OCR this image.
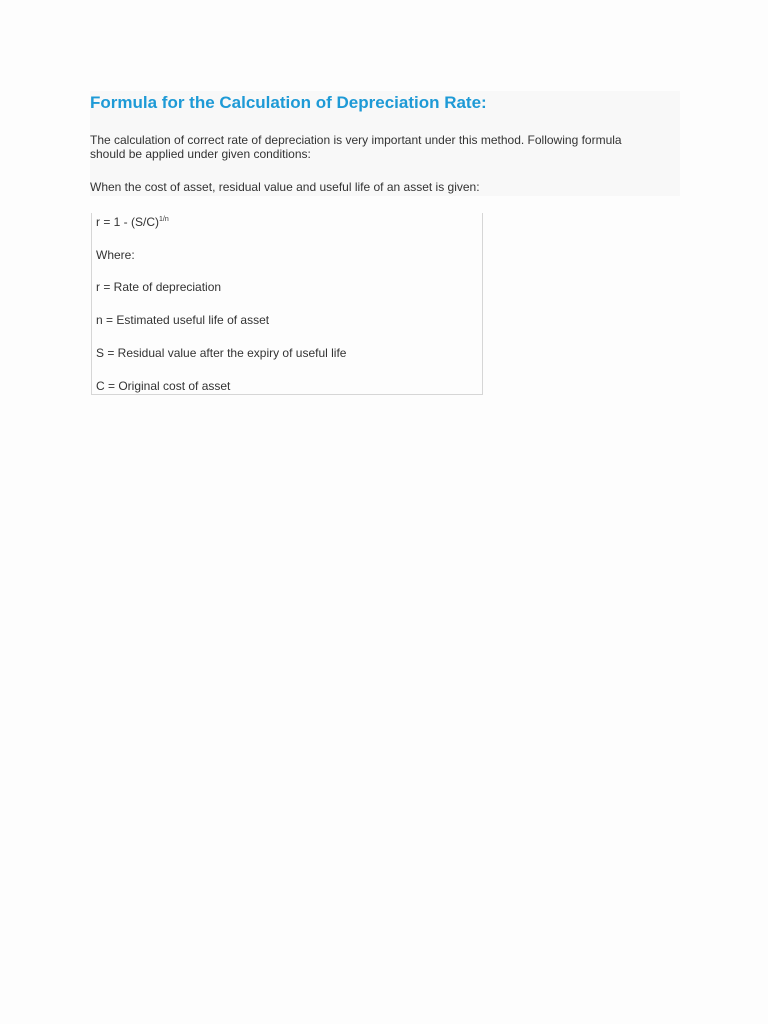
Formula for the Calculation of Depreciation Rate:

The calculation of correct rate of depreciation is very important under this method. Following formula should be applied under given conditions:

When the cost of asset, residual value and useful life of an asset is given:

$r = 1 - (S/C)^{1/n}$

Where:

r = Rate of depreciation

n = Estimated useful life of asset

S = Residual value after the expiry of useful life

C = Original cost of asset
